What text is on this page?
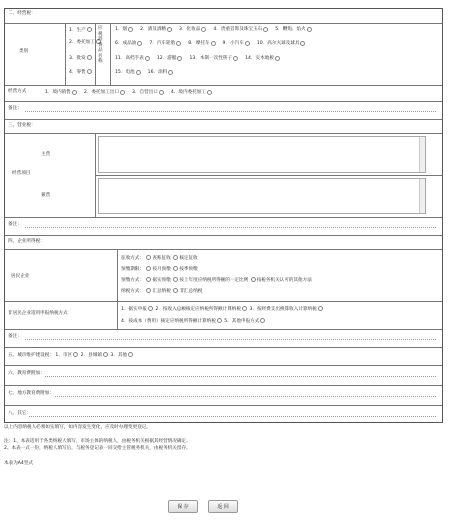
二、经营税：
类别
1．生产
2．委托加工
3．批发
4．零售
应税消费品名称
1．烟	2．酒及酒精	3．化妆品	4．贵重首饰及珠宝玉石	5．鞭炮、焰火
6．成品油	7．汽车轮胎	8．摩托车	9．小汽车	10．高尔夫球及球具
11．高档手表	12．游艇	13．木制一次性筷子	14．实木地板
15．电池	16．涂料
经营方式	1．境内销售	2．委托加工出口	3．自营出口	4．境内委托加工
备注：
三、营业税：
经营项目
主营
兼营
备注：
四、企业所得税：
居民企业
征收方式： 查账征收 核定征收
预缴期限： 按月预缴 按季预缴
预缴方式： 据实预缴 按上年度应纳税所得额的一定比例 按税务机关认可的其他方法
纳税方式： 汇总纳税 非汇总纳税
非居民企业适用申报纳税方式
1．据实申报 2．按收入总额核定应纳税所得额计算纳税 3．按经费支出换算收入计算纳税
4．按成本（费用）核定应纳税所得额计算纳税 5．其他申报方式
备注：
五、城市维护建设税： 1．市区 2．县城镇 3．其他
六、教育费附加：
七、地方教育费附加：
八、其它：
以上内容纳税人必须如实填写，如内容发生变化，应及时办理变更登记。
注：1、本表适用于各类纳税人填写，市场主体的纳税人，由税务机关根据其经营情况确定。
2、本表一式一份，纳税人填写后，与税务登记表一同交给主管税务机关，由税务机关留存。
本表为A4竖式
保 存	返 回
